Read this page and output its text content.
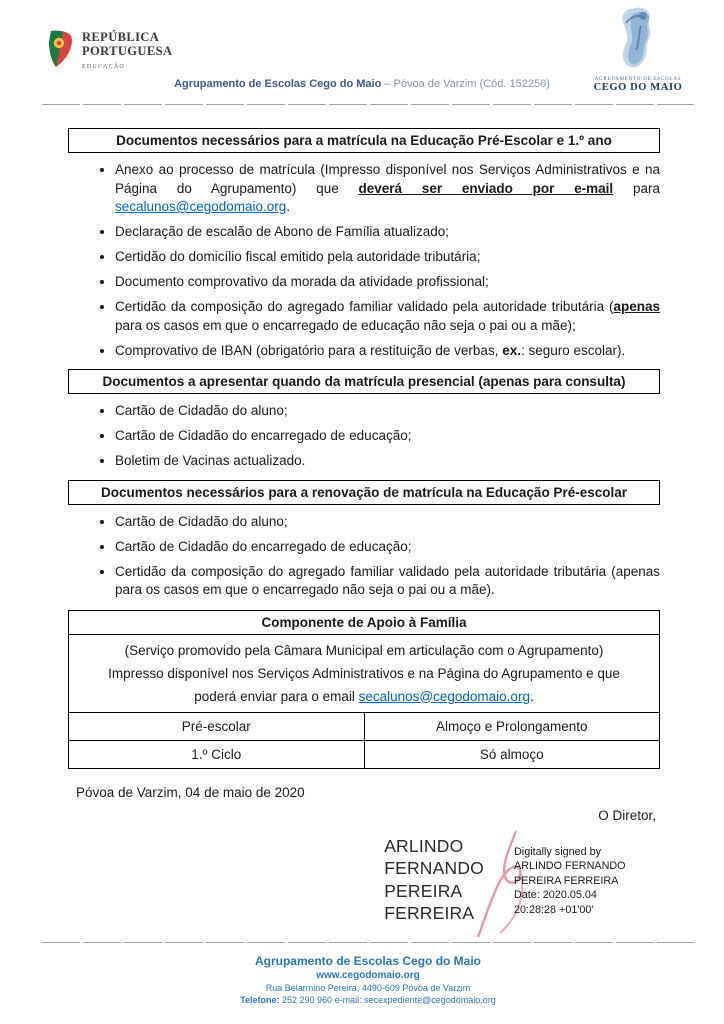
REPÚBLICA
PORTUGUESA
EDUCAÇÃO
Agrupamento de Escolas Cego do Maio – Póvoa de Varzim (Cód. 152250)	AGRUPAMENTO DE ESCOLAS
CEGO DO MAIO
Documentos necessários para a matrícula na Educação Pré-Escolar e 1.º ano
• Anexo ao processo de matrícula (Impresso disponível nos Serviços Administrativos e na Página do Agrupamento) que deverá ser enviado por e-mail para secalunos@cegodomaio.org.
• Declaração de escalão de Abono de Família atualizado;
• Certidão do domicílio fiscal emitido pela autoridade tributária;
• Documento comprovativo da morada da atividade profissional;
• Certidão da composição do agregado familiar validado pela autoridade tributária (apenas para os casos em que o encarregado de educação não seja o pai ou a mãe);
• Comprovativo de IBAN (obrigatório para a restituição de verbas, ex.: seguro escolar).
Documentos a apresentar quando da matrícula presencial (apenas para consulta)
• Cartão de Cidadão do aluno;
• Cartão de Cidadão do encarregado de educação;
• Boletim de Vacinas actualizado.
Documentos necessários para a renovação de matrícula na Educação Pré-escolar
• Cartão de Cidadão do aluno;
• Cartão de Cidadão do encarregado de educação;
• Certidão da composição do agregado familiar validado pela autoridade tributária (apenas para os casos em que o encarregado não seja o pai ou a mãe).
Componente de Apoio à Família	

(Serviço promovido pela Câmara Municipal em articulação com o Agrupamento)
Impresso disponível nos Serviços Administrativos e na Página do Agrupamento e que
poderá enviar para o email secalunos@cegodomaio.org.	

Pré-escolar	Almoço e Prolongamento
1.º Ciclo	Só almoço
Póvoa de Varzim, 04 de maio de 2020
O Diretor,
ARLINDO
FERNANDO
PEREIRA
FERREIRA
Digitally signed by
ARLINDO FERNANDO
PEREIRA FERREIRA
Date: 2020.05.04
20:28:28 +01'00'
Agrupamento de Escolas Cego do Maio
www.cegodomaio.org
Rua Belarmino Pereira, 4490-609 Póvoa de Varzim
Telefone: 252 290 960 e-mail: secexpediente@cegodomaio.org
